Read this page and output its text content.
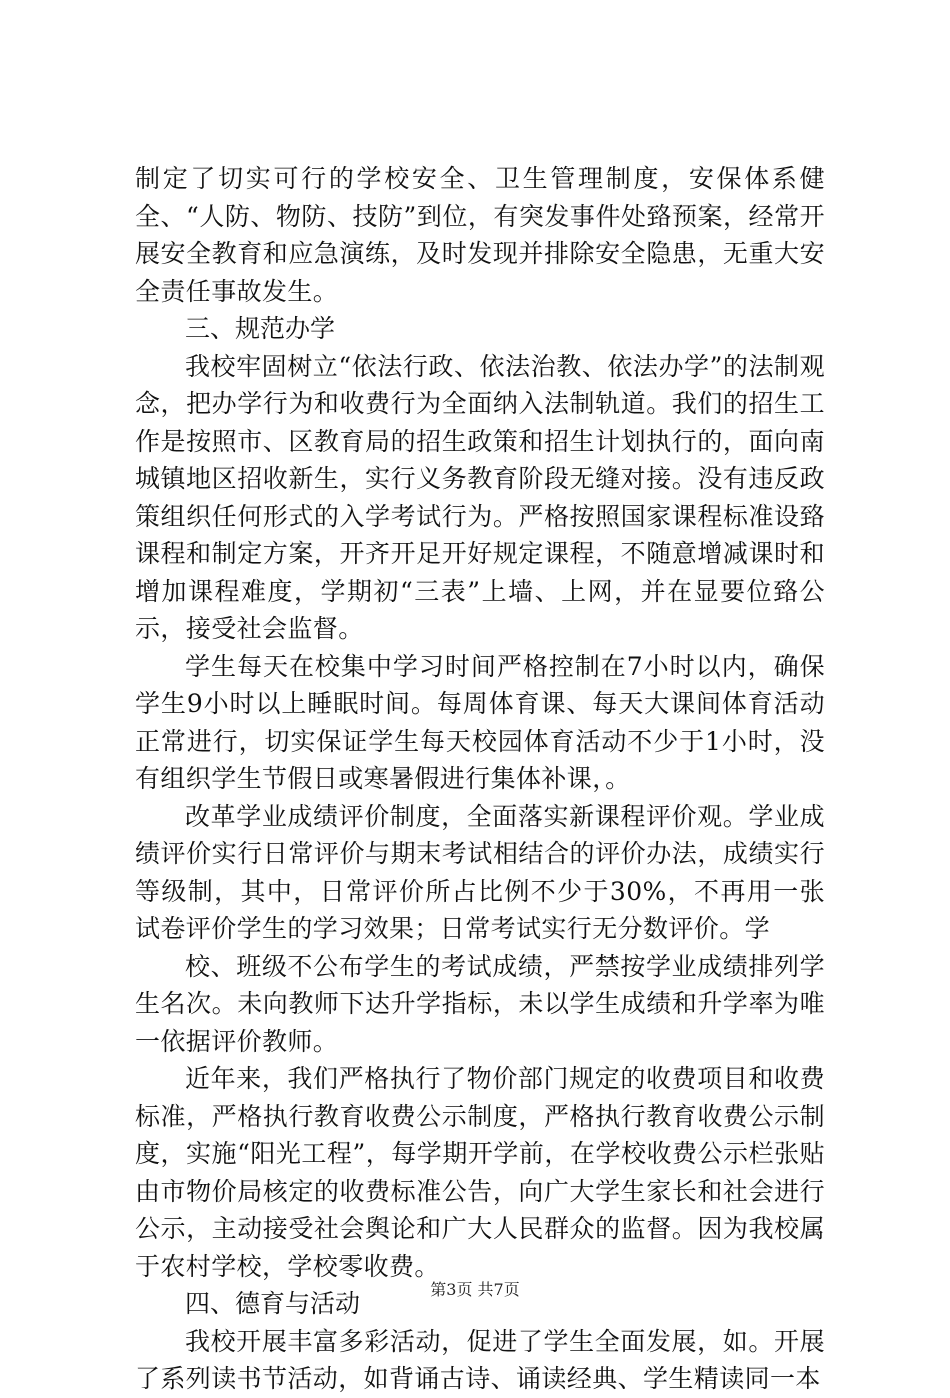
制定了切实可行的学校安全、卫生管理制度，安保体系健全、“人防、物防、技防”到位，有突发事件处臵预案，经常开展安全教育和应急演练，及时发现并排除安全隐患，无重大安全责任事故发生。

三、规范办学

我校牢固树立“依法行政、依法治教、依法办学”的法制观念，把办学行为和收费行为全面纳入法制轨道。我们的招生工作是按照市、区教育局的招生政策和招生计划执行的，面向南城镇地区招收新生，实行义务教育阶段无缝对接。没有违反政策组织任何形式的入学考试行为。严格按照国家课程标准设臵课程和制定方案，开齐开足开好规定课程，不随意增减课时和增加课程难度，学期初“三表”上墙、上网，并在显要位臵公示，接受社会监督。

学生每天在校集中学习时间严格控制在7小时以内，确保学生9小时以上睡眠时间。每周体育课、每天大课间体育活动正常进行，切实保证学生每天校园体育活动不少于1小时，没有组织学生节假日或寒暑假进行集体补课，。

改革学业成绩评价制度，全面落实新课程评价观。学业成绩评价实行日常评价与期末考试相结合的评价办法，成绩实行等级制，其中，日常评价所占比例不少于30%，不再用一张试卷评价学生的学习效果；日常考试实行无分数评价。学

校、班级不公布学生的考试成绩，严禁按学业成绩排列学生名次。未向教师下达升学指标，未以学生成绩和升学率为唯一依据评价教师。

近年来，我们严格执行了物价部门规定的收费项目和收费标准，严格执行教育收费公示制度，严格执行教育收费公示制度，实施“阳光工程”，每学期开学前，在学校收费公示栏张贴由市物价局核定的收费标准公告，向广大学生家长和社会进行公示，主动接受社会舆论和广大人民群众的监督。因为我校属于农村学校，学校零收费。

四、德育与活动

我校开展丰富多彩活动，促进了学生全面发展，如。开展了系列读书节活动，如背诵古诗、诵读经典、学生精读同一本

第3页 共7页
